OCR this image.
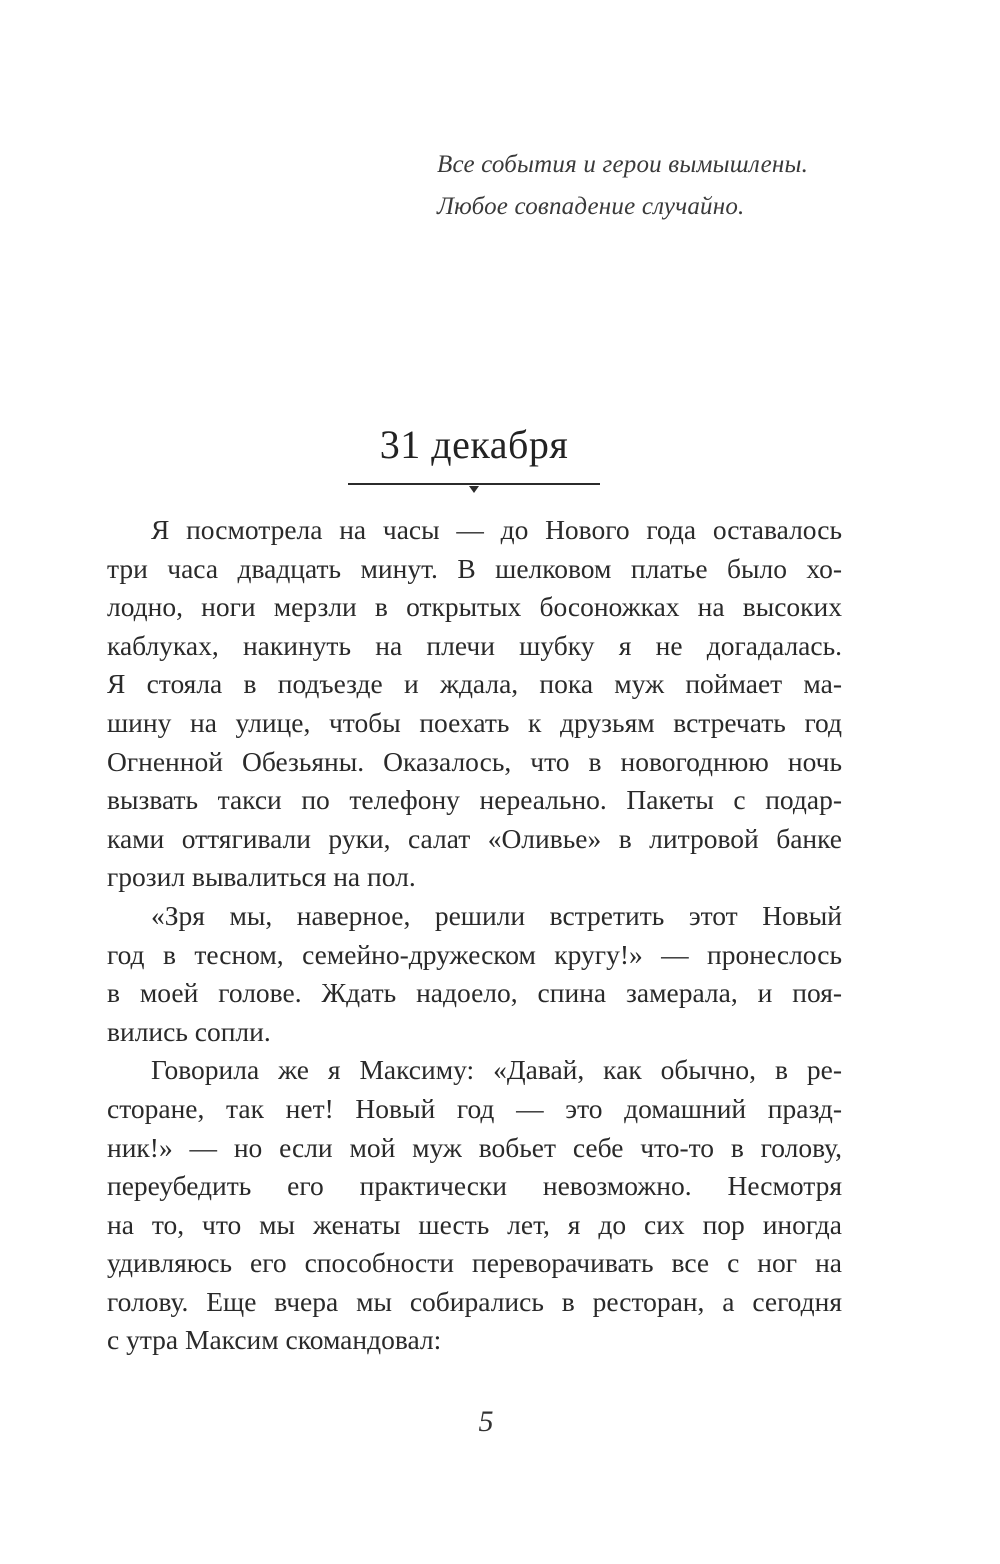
Все события и герои вымышлены.
Любое совпадение случайно.
31 декабря
Я посмотрела на часы — до Нового года оставалось
три часа двадцать минут. В шелковом платье было хо-
лодно, ноги мерзли в открытых босоножках на высоких
каблуках, накинуть на плечи шубку я не догадалась.
Я стояла в подъезде и ждала, пока муж поймает ма-
шину на улице, чтобы поехать к друзьям встречать год
Огненной Обезьяны. Оказалось, что в новогоднюю ночь
вызвать такси по телефону нереально. Пакеты с подар-
ками оттягивали руки, салат «Оливье» в литровой банке
грозил вывалиться на пол.
«Зря мы, наверное, решили встретить этот Новый
год в тесном, семейно-дружеском кругу!» — пронеслось
в моей голове. Ждать надоело, спина замерала, и поя-
вились сопли.
Говорила же я Максиму: «Давай, как обычно, в ре-
сторане, так нет! Новый год — это домашний празд-
ник!» — но если мой муж вобьет себе что-то в голову,
переубедить его практически невозможно. Несмотря
на то, что мы женаты шесть лет, я до сих пор иногда
удивляюсь его способности переворачивать все с ног на
голову. Еще вчера мы собирались в ресторан, а сегодня
с утра Максим скомандовал:
5
